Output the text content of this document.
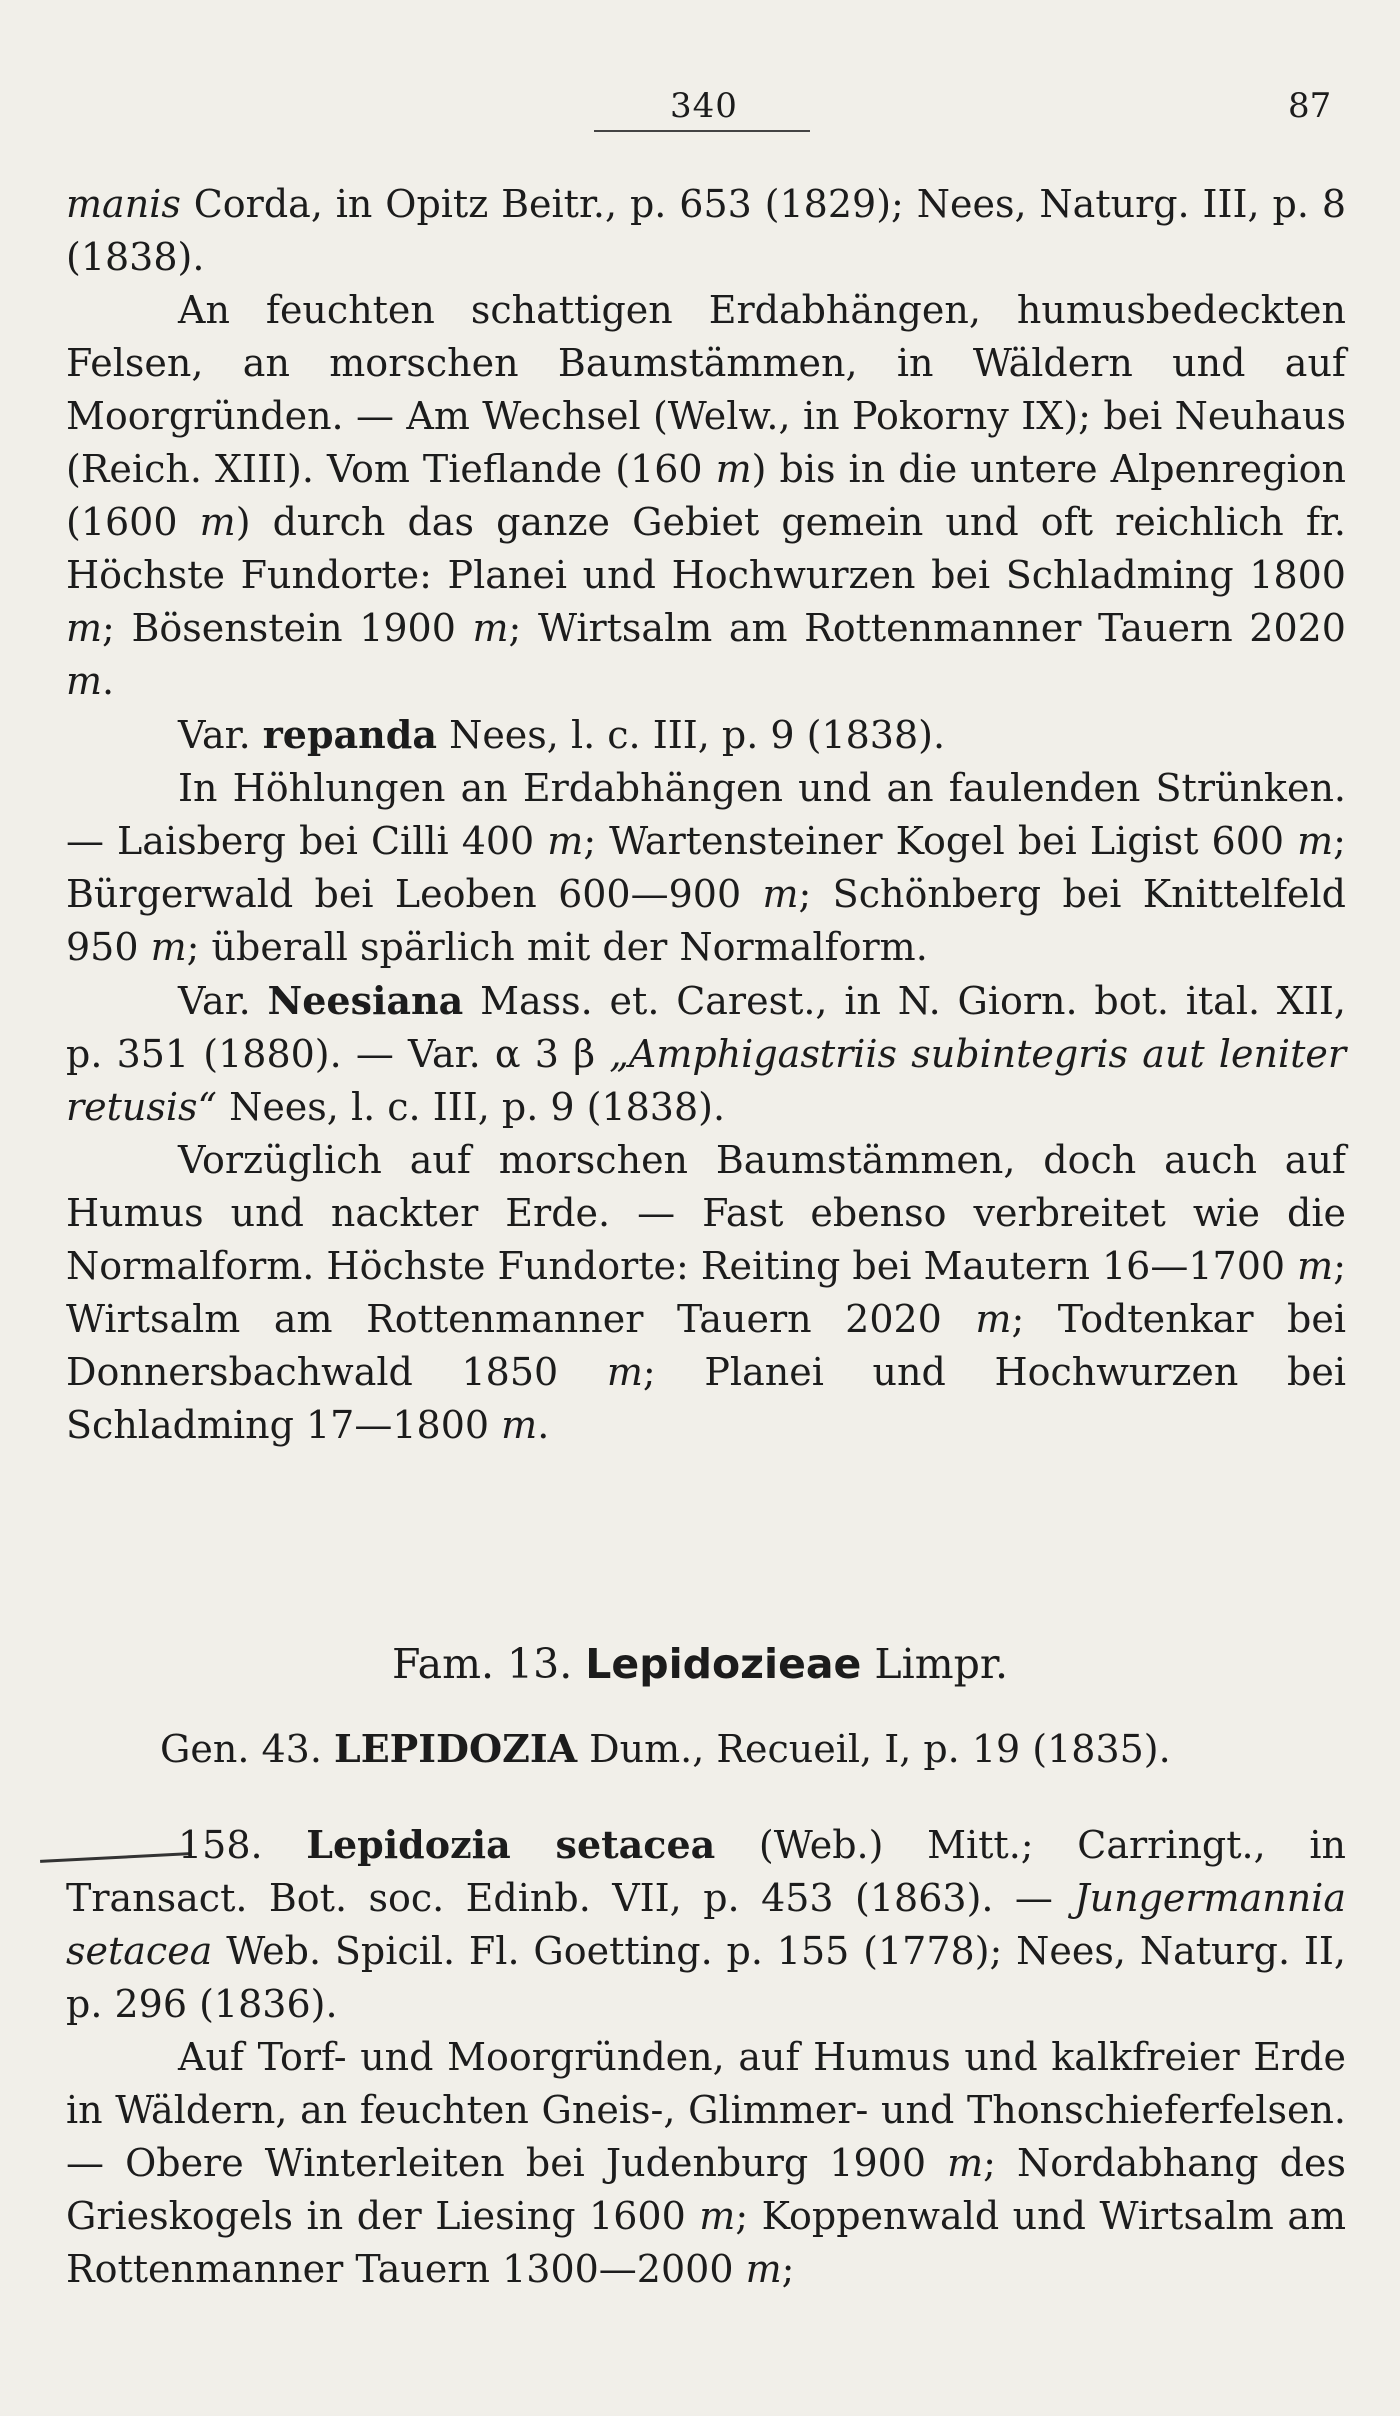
340	87

manis Corda, in Opitz Beitr., p. 653 (1829); Nees, Naturg. III, p. 8 (1838).

An feuchten schattigen Erdabhängen, humusbedeckten Felsen, an morschen Baumstämmen, in Wäldern und auf Moorgründen. — Am Wechsel (Welw., in Pokorny IX); bei Neuhaus (Reich. XIII). Vom Tieflande (160 m) bis in die untere Alpenregion (1600 m) durch das ganze Gebiet gemein und oft reichlich fr. Höchste Fundorte: Planei und Hochwurzen bei Schladming 1800 m; Bösenstein 1900 m; Wirtsalm am Rottenmanner Tauern 2020 m.

Var. repanda Nees, l. c. III, p. 9 (1838).

In Höhlungen an Erdabhängen und an faulenden Strünken. — Laisberg bei Cilli 400 m; Wartensteiner Kogel bei Ligist 600 m; Bürgerwald bei Leoben 600—900 m; Schönberg bei Knittelfeld 950 m; überall spärlich mit der Normalform.

Var. Neesiana Mass. et. Carest., in N. Giorn. bot. ital. XII, p. 351 (1880). — Var. α 3 β „Amphigastriis subintegris aut leniter retusis“ Nees, l. c. III, p. 9 (1838).

Vorzüglich auf morschen Baumstämmen, doch auch auf Humus und nackter Erde. — Fast ebenso verbreitet wie die Normalform. Höchste Fundorte: Reiting bei Mautern 16—1700 m; Wirtsalm am Rottenmanner Tauern 2020 m; Todtenkar bei Donnersbachwald 1850 m; Planei und Hochwurzen bei Schladming 17—1800 m.

Fam. 13. Lepidozieae Limpr.
Gen. 43. LEPIDOZIA Dum., Recueil, I, p. 19 (1835).

158. Lepidozia setacea (Web.) Mitt.; Carringt., in Transact. Bot. soc. Edinb. VII, p. 453 (1863). — Jungermannia setacea Web. Spicil. Fl. Goetting. p. 155 (1778); Nees, Naturg. II, p. 296 (1836).

Auf Torf- und Moorgründen, auf Humus und kalkfreier Erde in Wäldern, an feuchten Gneis-, Glimmer- und Thonschieferfelsen. — Obere Winterleiten bei Judenburg 1900 m; Nordabhang des Grieskogels in der Liesing 1600 m; Koppenwald und Wirtsalm am Rottenmanner Tauern 1300—2000 m;
